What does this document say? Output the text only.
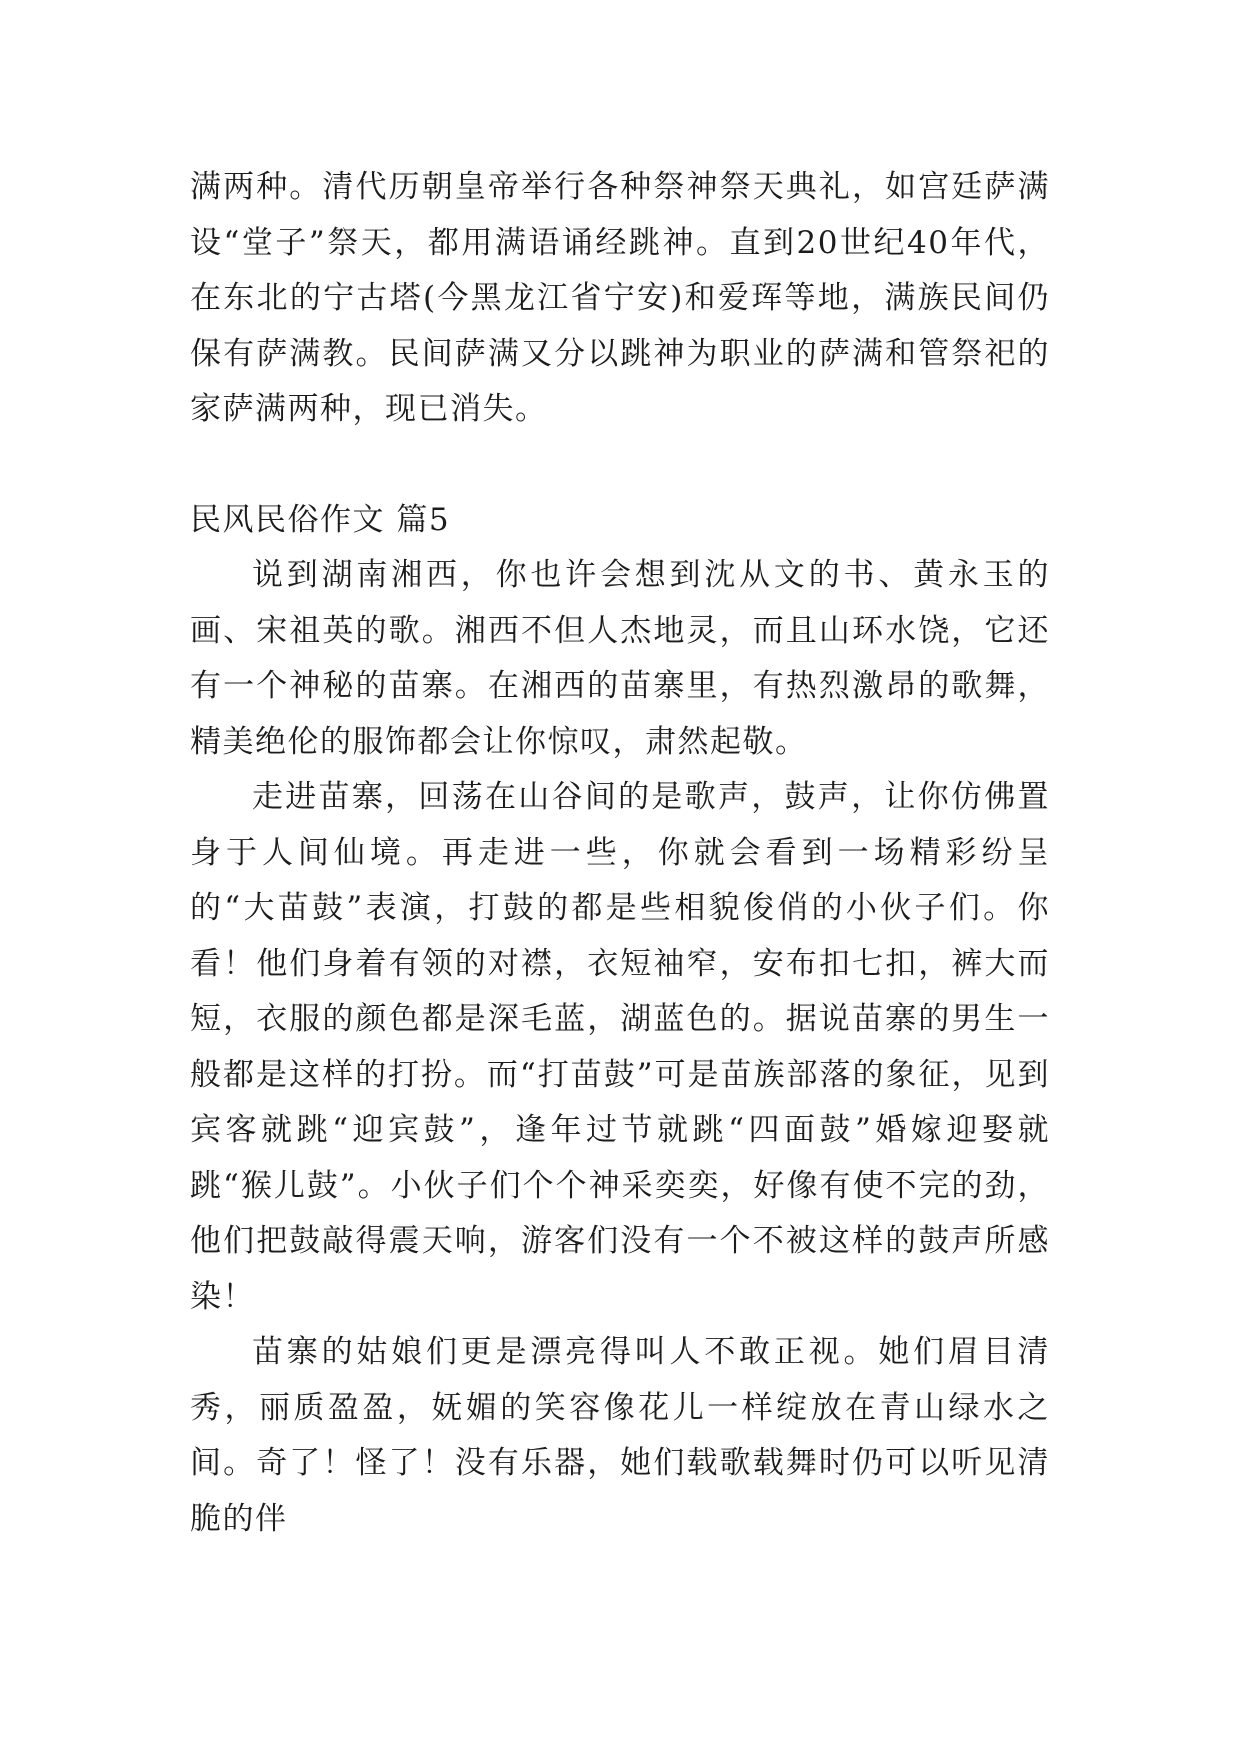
满两种。清代历朝皇帝举行各种祭神祭天典礼，如宫廷萨满设“堂子”祭天，都用满语诵经跳神。直到20世纪40年代，在东北的宁古塔(今黑龙江省宁安)和爱珲等地，满族民间仍保有萨满教。民间萨满又分以跳神为职业的萨满和管祭祀的家萨满两种，现已消失。

民风民俗作文 篇5

说到湖南湘西，你也许会想到沈从文的书、黄永玉的画、宋祖英的歌。湘西不但人杰地灵，而且山环水饶，它还有一个神秘的苗寨。在湘西的苗寨里，有热烈激昂的歌舞，精美绝伦的服饰都会让你惊叹，肃然起敬。

走进苗寨，回荡在山谷间的是歌声，鼓声，让你仿佛置身于人间仙境。再走进一些，你就会看到一场精彩纷呈的“大苗鼓”表演，打鼓的都是些相貌俊俏的小伙子们。你看！他们身着有领的对襟，衣短袖窄，安布扣七扣，裤大而短，衣服的颜色都是深毛蓝，湖蓝色的。据说苗寨的男生一般都是这样的打扮。而“打苗鼓”可是苗族部落的象征，见到宾客就跳“迎宾鼓”，逢年过节就跳“四面鼓”婚嫁迎娶就跳“猴儿鼓”。小伙子们个个神采奕奕，好像有使不完的劲，他们把鼓敲得震天响，游客们没有一个不被这样的鼓声所感染！

苗寨的姑娘们更是漂亮得叫人不敢正视。她们眉目清秀，丽质盈盈，妩媚的笑容像花儿一样绽放在青山绿水之间。奇了！怪了！没有乐器，她们载歌载舞时仍可以听见清脆的伴
